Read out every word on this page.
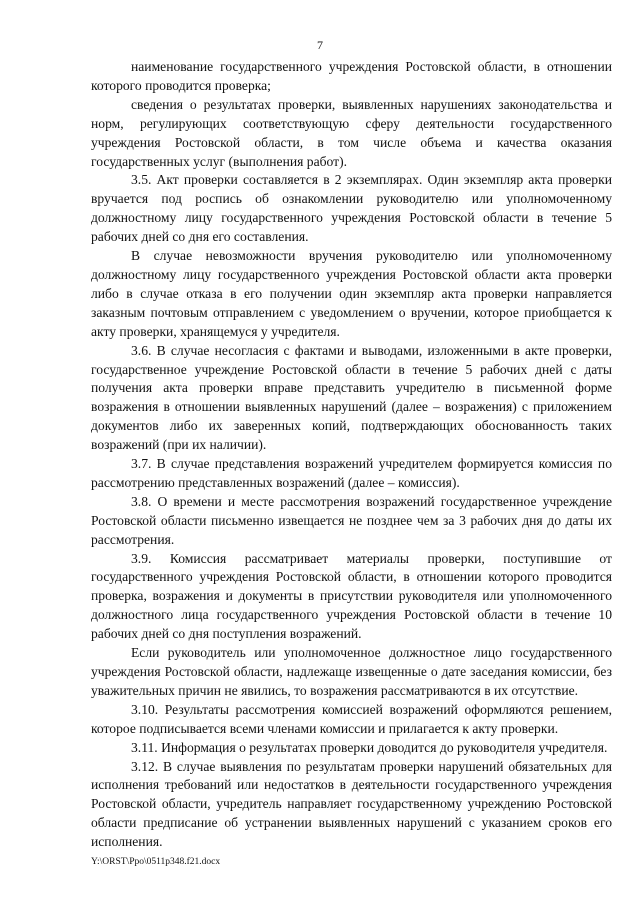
7

наименование государственного учреждения Ростовской области, в отношении которого проводится проверка;

сведения о результатах проверки, выявленных нарушениях законодательства и норм, регулирующих соответствующую сферу деятельности государственного учреждения Ростовской области, в том числе объема и качества оказания государственных услуг (выполнения работ).

3.5. Акт проверки составляется в 2 экземплярах. Один экземпляр акта проверки вручается под роспись об ознакомлении руководителю или уполномоченному должностному лицу государственного учреждения Ростовской области в течение 5 рабочих дней со дня его составления.

В случае невозможности вручения руководителю или уполномоченному должностному лицу государственного учреждения Ростовской области акта проверки либо в случае отказа в его получении один экземпляр акта проверки направляется заказным почтовым отправлением с уведомлением о вручении, которое приобщается к акту проверки, хранящемуся у учредителя.

3.6. В случае несогласия с фактами и выводами, изложенными в акте проверки, государственное учреждение Ростовской области в течение 5 рабочих дней с даты получения акта проверки вправе представить учредителю в письменной форме возражения в отношении выявленных нарушений (далее – возражения) с приложением документов либо их заверенных копий, подтверждающих обоснованность таких возражений (при их наличии).

3.7. В случае представления возражений учредителем формируется комиссия по рассмотрению представленных возражений (далее – комиссия).

3.8. О времени и месте рассмотрения возражений государственное учреждение Ростовской области письменно извещается не позднее чем за 3 рабочих дня до даты их рассмотрения.

3.9. Комиссия рассматривает материалы проверки, поступившие от государственного учреждения Ростовской области, в отношении которого проводится проверка, возражения и документы в присутствии руководителя или уполномоченного должностного лица государственного учреждения Ростовской области в течение 10 рабочих дней со дня поступления возражений.

Если руководитель или уполномоченное должностное лицо государственного учреждения Ростовской области, надлежаще извещенные о дате заседания комиссии, без уважительных причин не явились, то возражения рассматриваются в их отсутствие.

3.10. Результаты рассмотрения комиссией возражений оформляются решением, которое подписывается всеми членами комиссии и прилагается к акту проверки.

3.11. Информация о результатах проверки доводится до руководителя учредителя.

3.12. В случае выявления по результатам проверки нарушений обязательных для исполнения требований или недостатков в деятельности государственного учреждения Ростовской области, учредитель направляет государственному учреждению Ростовской области предписание об устранении выявленных нарушений с указанием сроков его исполнения.

Y:\ORST\Ppo\0511p348.f21.docx
